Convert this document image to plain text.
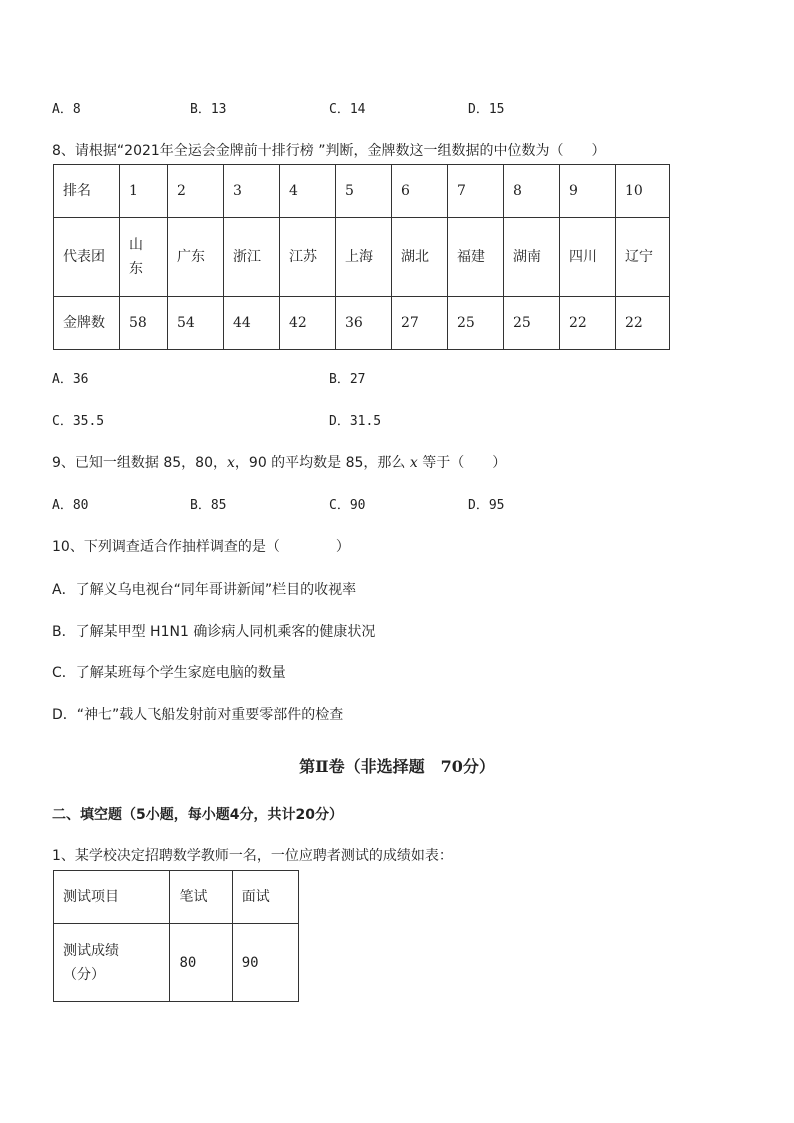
A．8	B．13	C．14	D．15
8、请根据“2021年全运会金牌前十排行榜 ”判断，金牌数这一组数据的中位数为（　　）
排名	1	2	3	4	5	6	7	8	9	10
代表团	山东	广东	浙江	江苏	上海	湖北	福建	湖南	四川	辽宁
金牌数	58	54	44	42	36	27	25	25	22	22
A．36	B．27
C．35.5	D．31.5
9、已知一组数据 85，80，x，90 的平均数是 85，那么 x 等于（　　）
A．80	B．85	C．90	D．95
10、下列调查适合作抽样调查的是（　　　　）
A．了解义乌电视台“同年哥讲新闻”栏目的收视率
B．了解某甲型 H1N1 确诊病人同机乘客的健康状况
C．了解某班每个学生家庭电脑的数量
D．“神七”载人飞船发射前对重要零部件的检查
第Ⅱ卷（非选择题　70分）
二、填空题（5小题，每小题4分，共计20分）
1、某学校决定招聘数学教师一名，一位应聘者测试的成绩如表：
测试项目	笔试	面试
测试成绩（分）	80	90
